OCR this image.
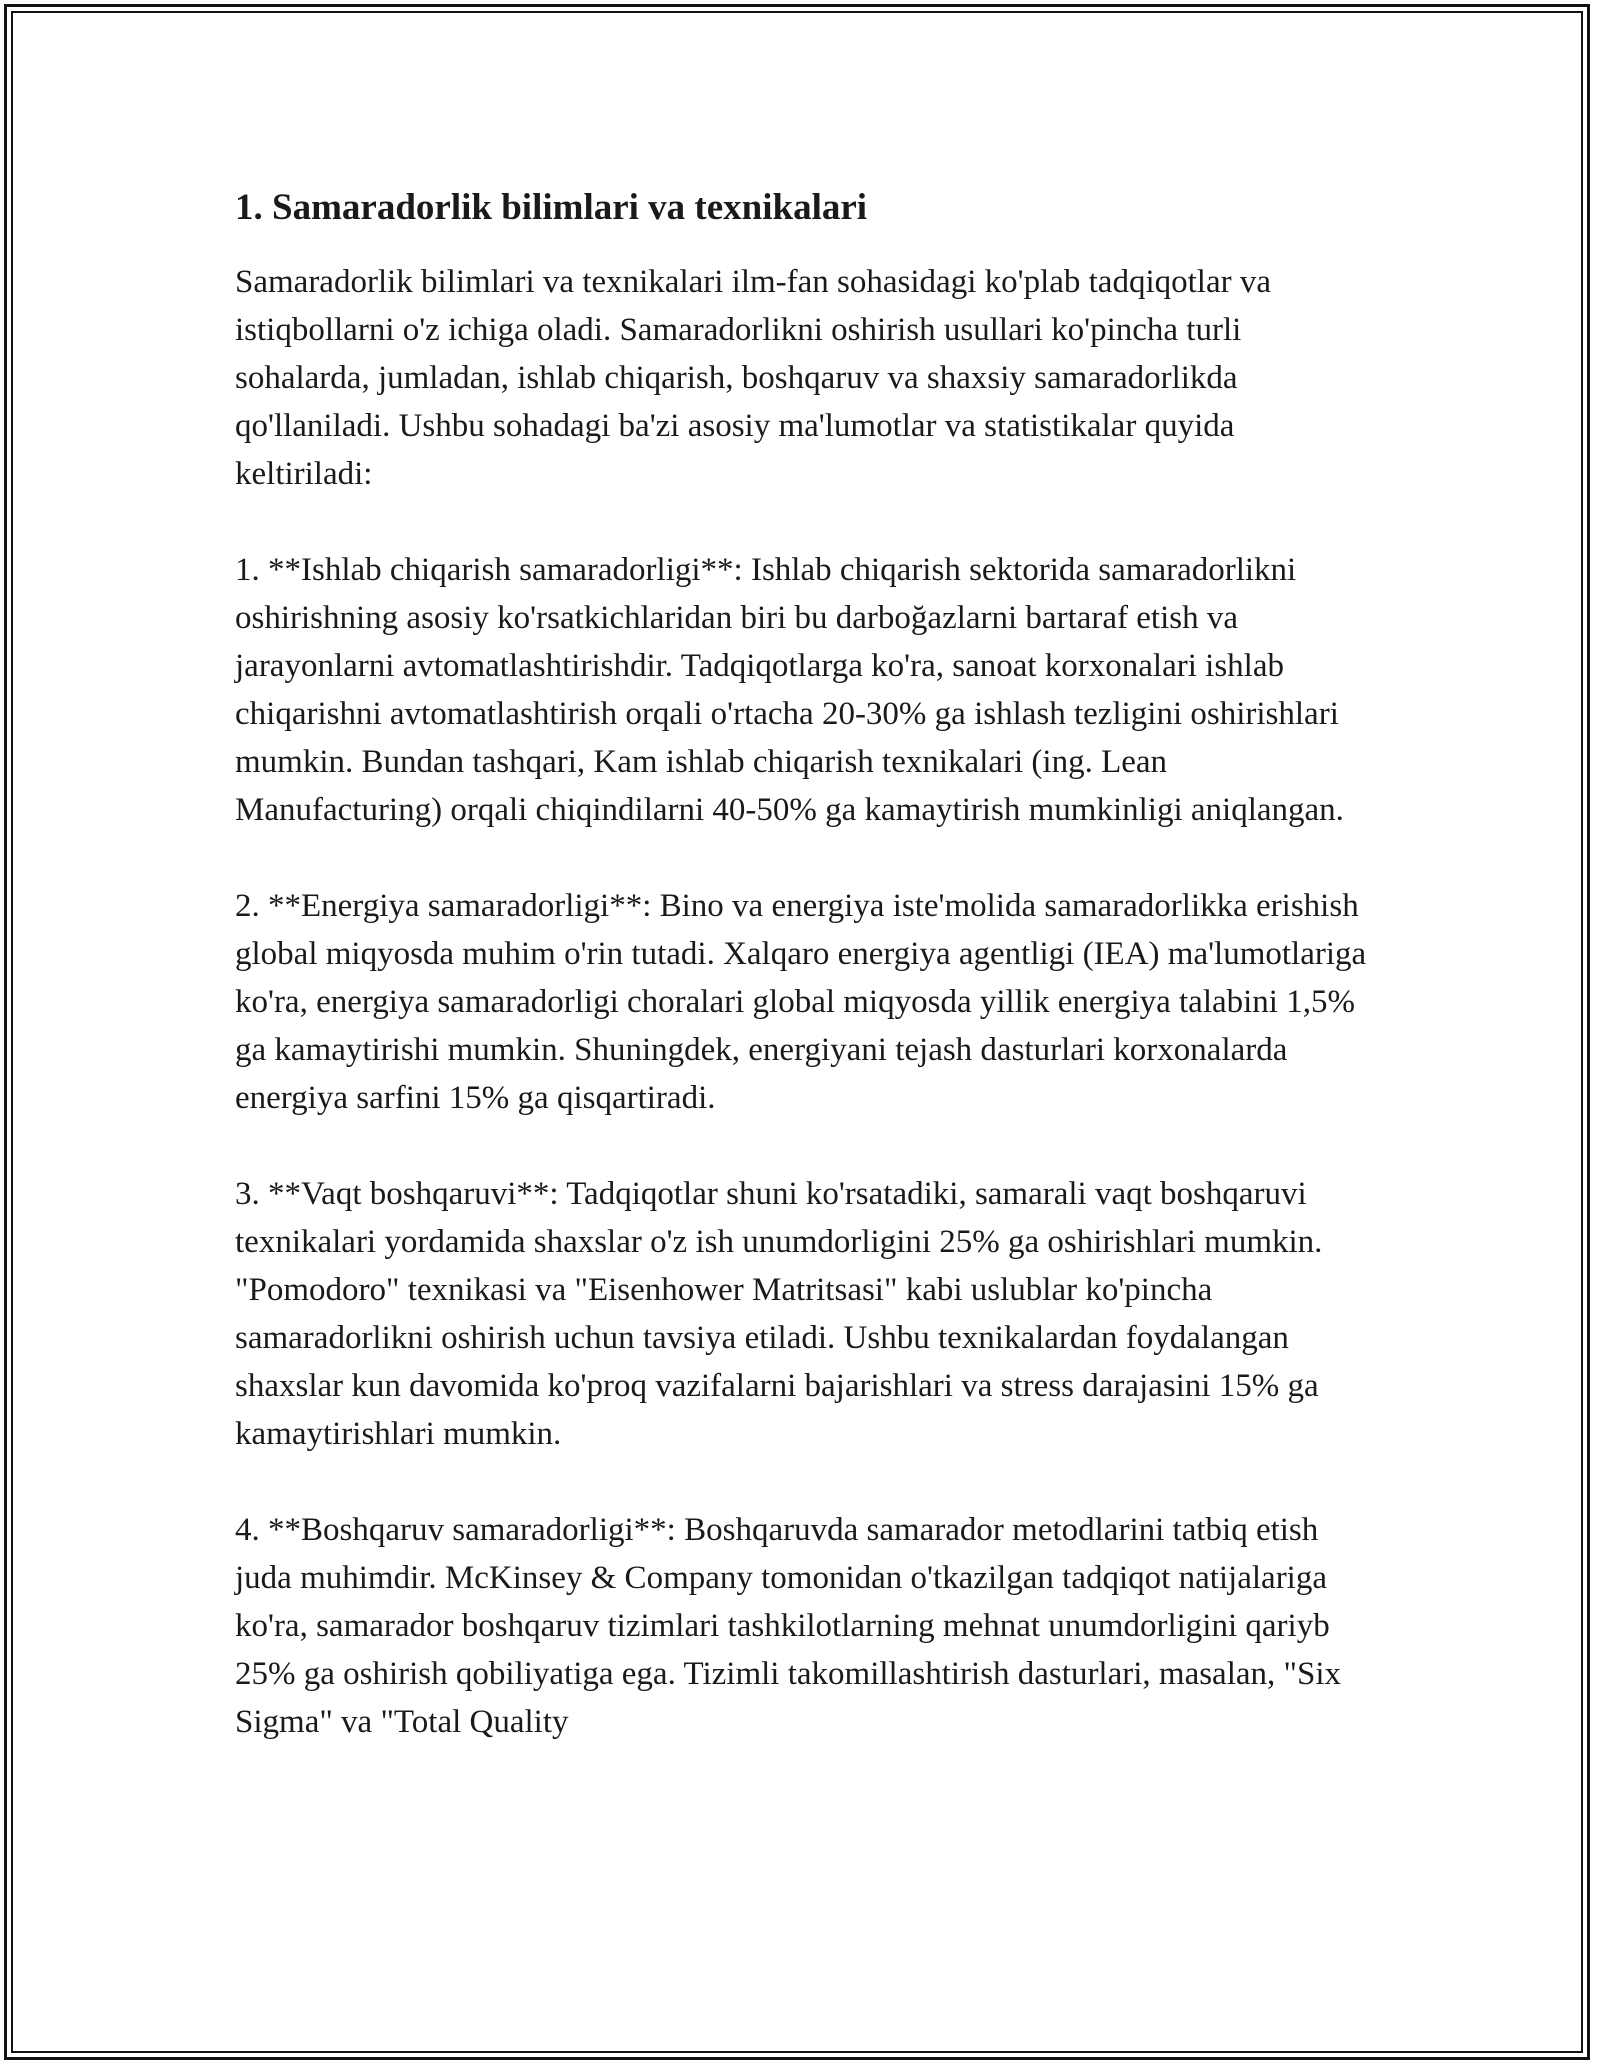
1. Samaradorlik bilimlari va texnikalari

Samaradorlik bilimlari va texnikalari ilm-fan sohasidagi ko'plab tadqiqotlar va istiqbollarni o'z ichiga oladi. Samaradorlikni oshirish usullari ko'pincha turli sohalarda, jumladan, ishlab chiqarish, boshqaruv va shaxsiy samaradorlikda qo'llaniladi. Ushbu sohadagi ba'zi asosiy ma'lumotlar va statistikalar quyida keltiriladi:

1. **Ishlab chiqarish samaradorligi**: Ishlab chiqarish sektorida samaradorlikni oshirishning asosiy ko'rsatkichlaridan biri bu darboğazlarni bartaraf etish va jarayonlarni avtomatlashtirishdir. Tadqiqotlarga ko'ra, sanoat korxonalari ishlab chiqarishni avtomatlashtirish orqali o'rtacha 20-30% ga ishlash tezligini oshirishlari mumkin. Bundan tashqari, Kam ishlab chiqarish texnikalari (ing. Lean Manufacturing) orqali chiqindilarni 40-50% ga kamaytirish mumkinligi aniqlangan.

2. **Energiya samaradorligi**: Bino va energiya iste'molida samaradorlikka erishish global miqyosda muhim o'rin tutadi. Xalqaro energiya agentligi (IEA) ma'lumotlariga ko'ra, energiya samaradorligi choralari global miqyosda yillik energiya talabini 1,5% ga kamaytirishi mumkin. Shuningdek, energiyani tejash dasturlari korxonalarda energiya sarfini 15% ga qisqartiradi.

3. **Vaqt boshqaruvi**: Tadqiqotlar shuni ko'rsatadiki, samarali vaqt boshqaruvi texnikalari yordamida shaxslar o'z ish unumdorligini 25% ga oshirishlari mumkin. "Pomodoro" texnikasi va "Eisenhower Matritsasi" kabi uslublar ko'pincha samaradorlikni oshirish uchun tavsiya etiladi. Ushbu texnikalardan foydalangan shaxslar kun davomida ko'proq vazifalarni bajarishlari va stress darajasini 15% ga kamaytirishlari mumkin.

4. **Boshqaruv samaradorligi**: Boshqaruvda samarador metodlarini tatbiq etish juda muhimdir. McKinsey & Company tomonidan o'tkazilgan tadqiqot natijalariga ko'ra, samarador boshqaruv tizimlari tashkilotlarning mehnat unumdorligini qariyb 25% ga oshirish qobiliyatiga ega. Tizimli takomillashtirish dasturlari, masalan, "Six Sigma" va "Total Quality
